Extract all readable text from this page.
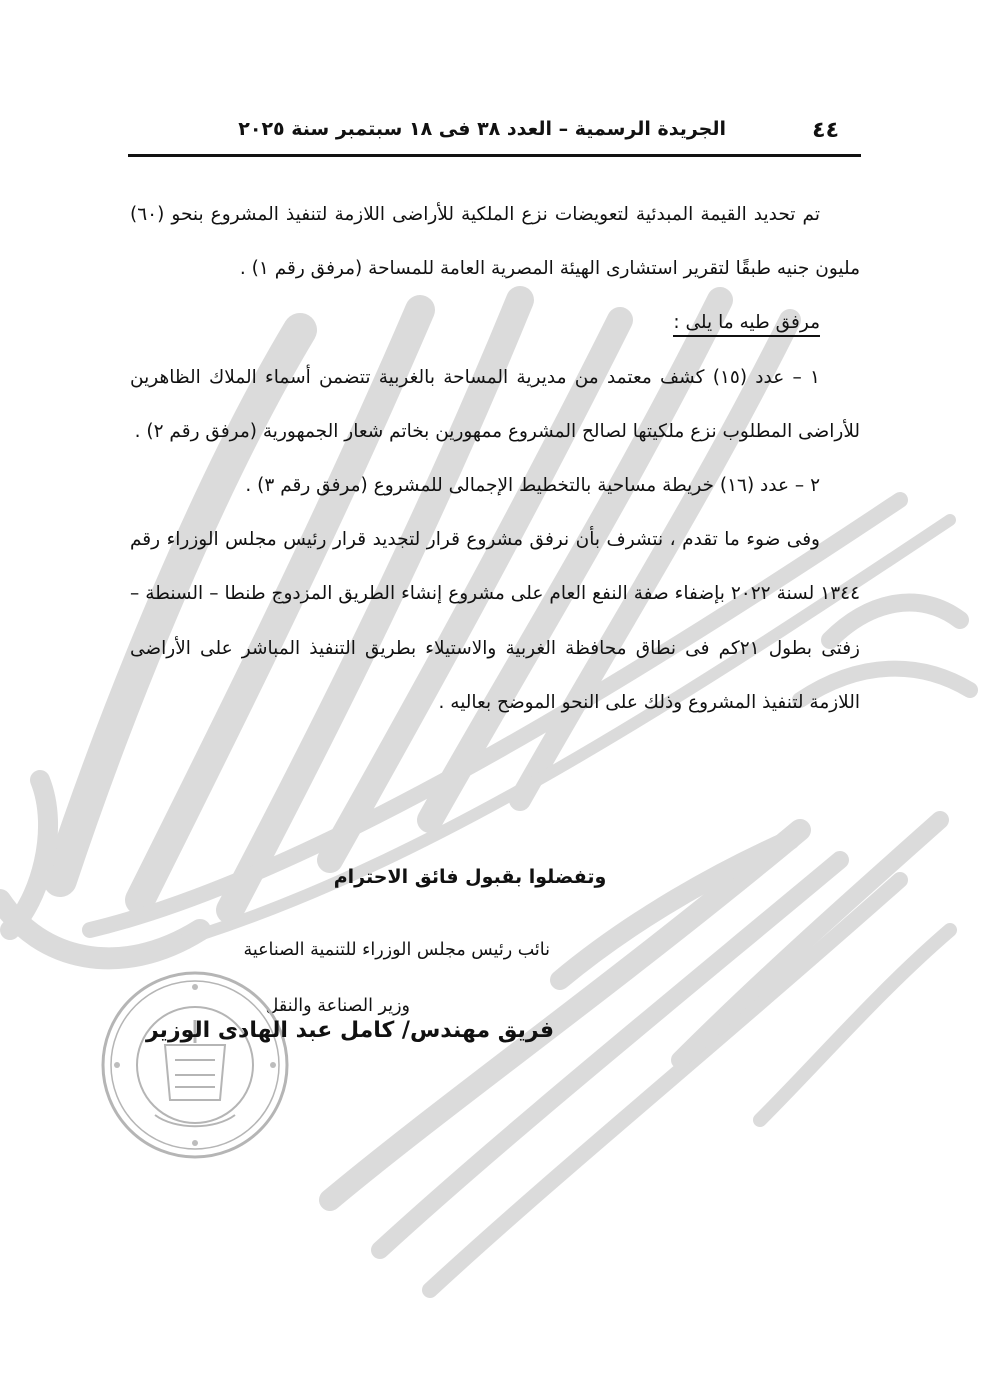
٤٤
الجريدة الرسمية – العدد ٣٨ فى ١٨ سبتمبر سنة ٢٠٢٥

تم تحديد القيمة المبدئية لتعويضات نزع الملكية للأراضى اللازمة لتنفيذ المشروع بنحو (٦٠) مليون جنيه طبقًا لتقرير استشارى الهيئة المصرية العامة للمساحة (مرفق رقم ١) .

مرفق طيه ما يلى :

١ – عدد (١٥) كشف معتمد من مديرية المساحة بالغربية تتضمن أسماء الملاك الظاهرين للأراضى المطلوب نزع ملكيتها لصالح المشروع ممهورين بخاتم شعار الجمهورية (مرفق رقم ٢) .

٢ – عدد (١٦) خريطة مساحية بالتخطيط الإجمالى للمشروع (مرفق رقم ٣) .

وفى ضوء ما تقدم ، نتشرف بأن نرفق مشروع قرار لتجديد قرار رئيس مجلس الوزراء رقم ١٣٤٤ لسنة ٢٠٢٢ بإضفاء صفة النفع العام على مشروع إنشاء الطريق المزدوج طنطا – السنطة – زفتى بطول ٢١كم فى نطاق محافظة الغربية والاستيلاء بطريق التنفيذ المباشر على الأراضى اللازمة لتنفيذ المشروع وذلك على النحو الموضح بعاليه .

وتفضلوا بقبول فائق الاحترام
نائب رئيس مجلس الوزراء للتنمية الصناعية
وزير الصناعة والنقل
فريق مهندس/ كامل عبد الهادى الوزير
